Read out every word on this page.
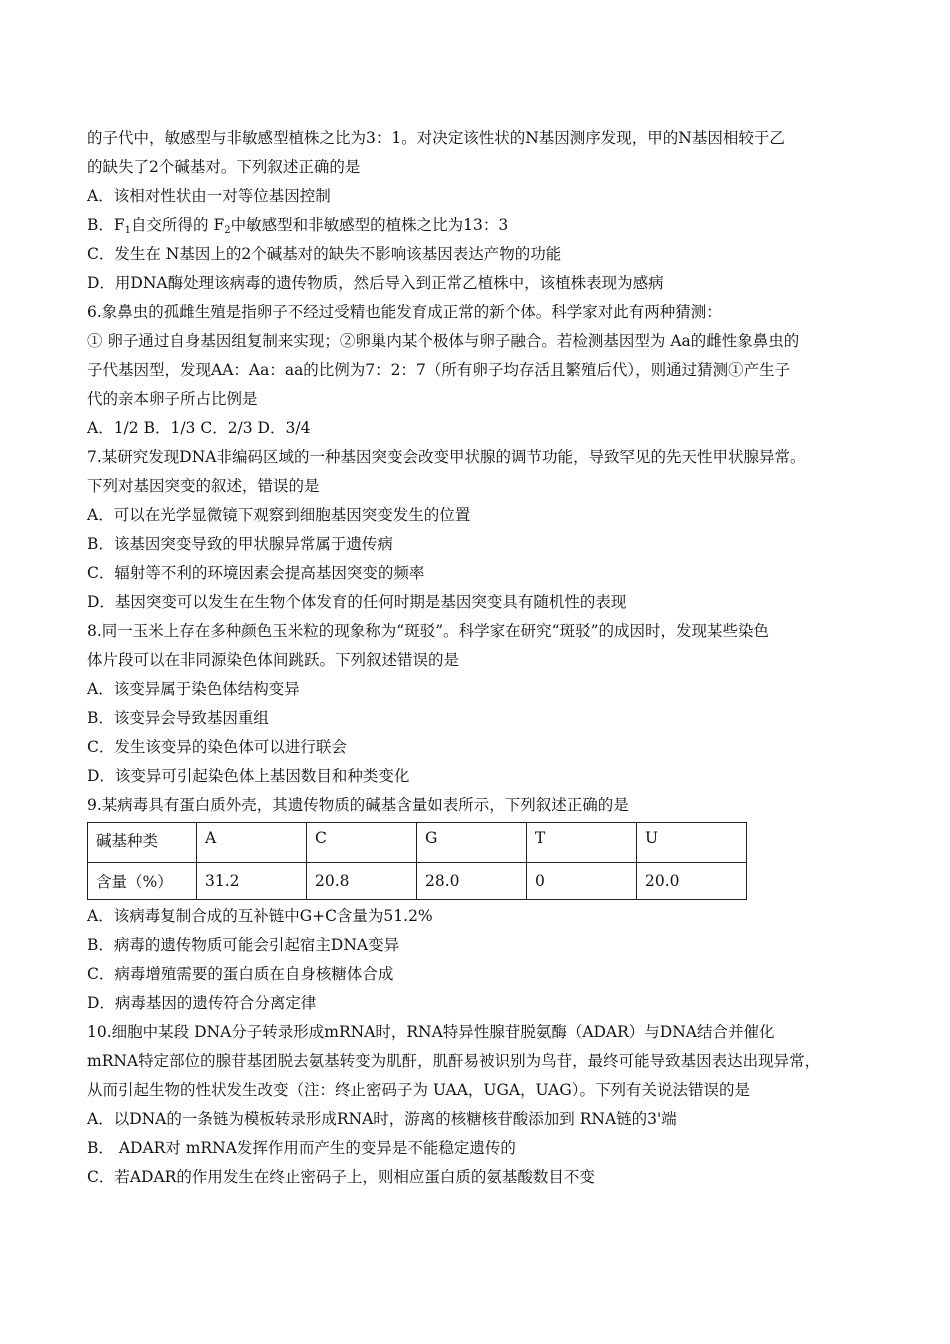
的子代中，敏感型与非敏感型植株之比为3：1。对决定该性状的N基因测序发现，甲的N基因相较于乙
的缺失了2个碱基对。下列叙述正确的是
A．该相对性状由一对等位基因控制
B．$F_1$自交所得的 $F_2$中敏感型和非敏感型的植株之比为13：3
C．发生在 N基因上的2个碱基对的缺失不影响该基因表达产物的功能
D．用DNA酶处理该病毒的遗传物质，然后导入到正常乙植株中，该植株表现为感病
6.象鼻虫的孤雌生殖是指卵子不经过受精也能发育成正常的新个体。科学家对此有两种猜测：
① 卵子通过自身基因组复制来实现；②卵巢内某个极体与卵子融合。若检测基因型为 Aa的雌性象鼻虫的
子代基因型，发现AA：Aa：aa的比例为7：2：7（所有卵子均存活且繁殖后代），则通过猜测①产生子
代的亲本卵子所占比例是
A．1/2 B．1/3 C．2/3 D．3/4
7.某研究发现DNA非编码区域的一种基因突变会改变甲状腺的调节功能，导致罕见的先天性甲状腺异常。
下列对基因突变的叙述，错误的是
A．可以在光学显微镜下观察到细胞基因突变发生的位置
B．该基因突变导致的甲状腺异常属于遗传病
C．辐射等不利的环境因素会提高基因突变的频率
D．基因突变可以发生在生物个体发育的任何时期是基因突变具有随机性的表现
8.同一玉米上存在多种颜色玉米粒的现象称为“斑驳”。科学家在研究“斑驳”的成因时，发现某些染色
体片段可以在非同源染色体间跳跃。下列叙述错误的是
A．该变异属于染色体结构变异
B．该变异会导致基因重组
C．发生该变异的染色体可以进行联会
D．该变异可引起染色体上基因数目和种类变化
9.某病毒具有蛋白质外壳，其遗传物质的碱基含量如表所示，下列叙述正确的是
碱基种类	A	C	G	T	U
含量（%）	31.2	20.8	28.0	0	20.0
A．该病毒复制合成的互补链中G+C含量为51.2%
B．病毒的遗传物质可能会引起宿主DNA变异
C．病毒增殖需要的蛋白质在自身核糖体合成
D．病毒基因的遗传符合分离定律
10.细胞中某段 DNA分子转录形成mRNA时，RNA特异性腺苷脱氨酶（ADAR）与DNA结合并催化
mRNA特定部位的腺苷基团脱去氨基转变为肌酐，肌酐易被识别为鸟苷，最终可能导致基因表达出现异常，
从而引起生物的性状发生改变（注：终止密码子为 UAA，UGA，UAG）。下列有关说法错误的是
A．以DNA的一条链为模板转录形成RNA时，游离的核糖核苷酸添加到 RNA链的3'端
B． ADAR对 mRNA发挥作用而产生的变异是不能稳定遗传的
C．若ADAR的作用发生在终止密码子上，则相应蛋白质的氨基酸数目不变
